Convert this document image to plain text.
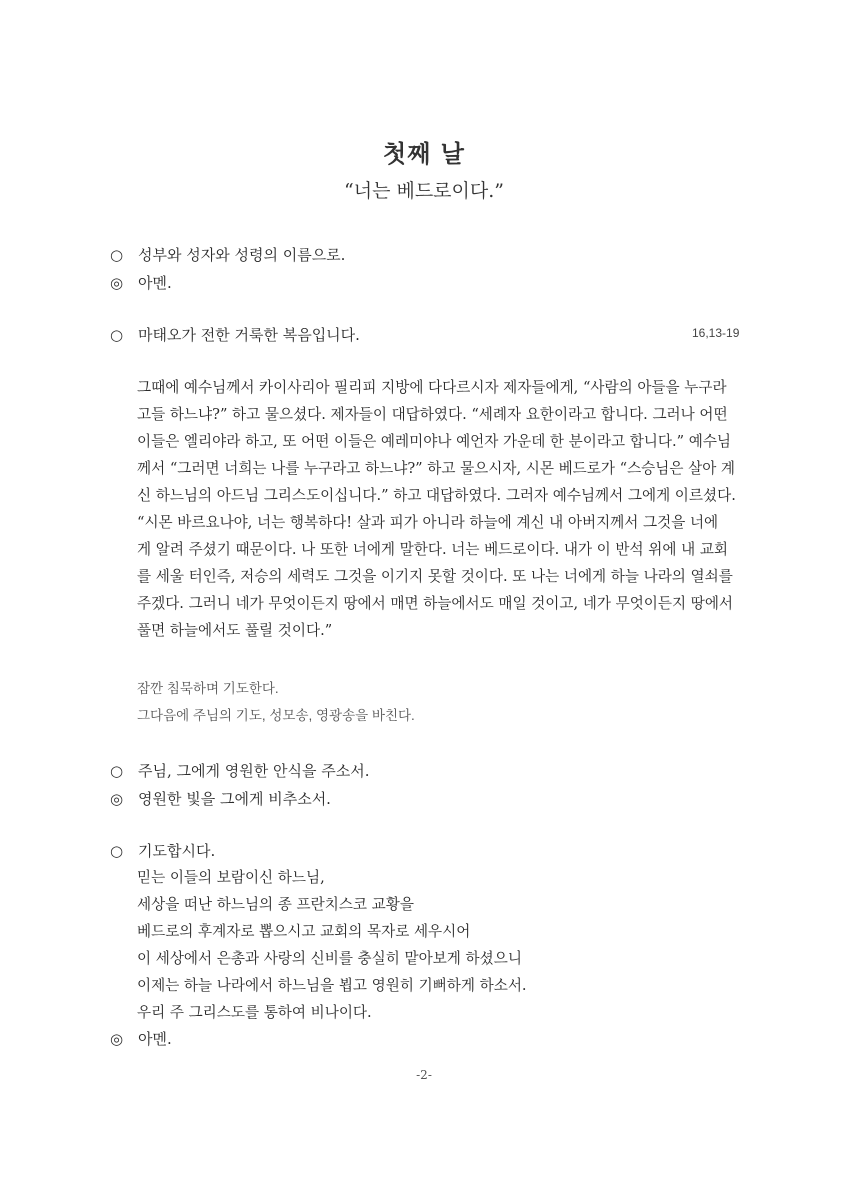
첫째 날
“너는 베드로이다.”
○ 성부와 성자와 성령의 이름으로.
◎ 아멘.
○ 마태오가 전한 거룩한 복음입니다.	16,13-19
그때에 예수님께서 카이사리아 필리피 지방에 다다르시자 제자들에게, “사람의 아들을 누구라
고들 하느냐?” 하고 물으셨다. 제자들이 대답하였다. “세례자 요한이라고 합니다. 그러나 어떤
이들은 엘리야라 하고, 또 어떤 이들은 예레미야나 예언자 가운데 한 분이라고 합니다.” 예수님
께서 “그러면 너희는 나를 누구라고 하느냐?” 하고 물으시자, 시몬 베드로가 “스승님은 살아 계
신 하느님의 아드님 그리스도이십니다.” 하고 대답하였다. 그러자 예수님께서 그에게 이르셨다.
“시몬 바르요나야, 너는 행복하다! 살과 피가 아니라 하늘에 계신 내 아버지께서 그것을 너에
게 알려 주셨기 때문이다. 나 또한 너에게 말한다. 너는 베드로이다. 내가 이 반석 위에 내 교회
를 세울 터인즉, 저승의 세력도 그것을 이기지 못할 것이다. 또 나는 너에게 하늘 나라의 열쇠를
주겠다. 그러니 네가 무엇이든지 땅에서 매면 하늘에서도 매일 것이고, 네가 무엇이든지 땅에서
풀면 하늘에서도 풀릴 것이다.”
잠깐 침묵하며 기도한다.
그다음에 주님의 기도, 성모송, 영광송을 바친다.
○ 주님, 그에게 영원한 안식을 주소서.
◎ 영원한 빛을 그에게 비추소서.
○ 기도합시다.
믿는 이들의 보람이신 하느님,
세상을 떠난 하느님의 종 프란치스코 교황을
베드로의 후계자로 뽑으시고 교회의 목자로 세우시어
이 세상에서 은총과 사랑의 신비를 충실히 맡아보게 하셨으니
이제는 하늘 나라에서 하느님을 뵙고 영원히 기뻐하게 하소서.
우리 주 그리스도를 통하여 비나이다.
◎ 아멘.
-2-
